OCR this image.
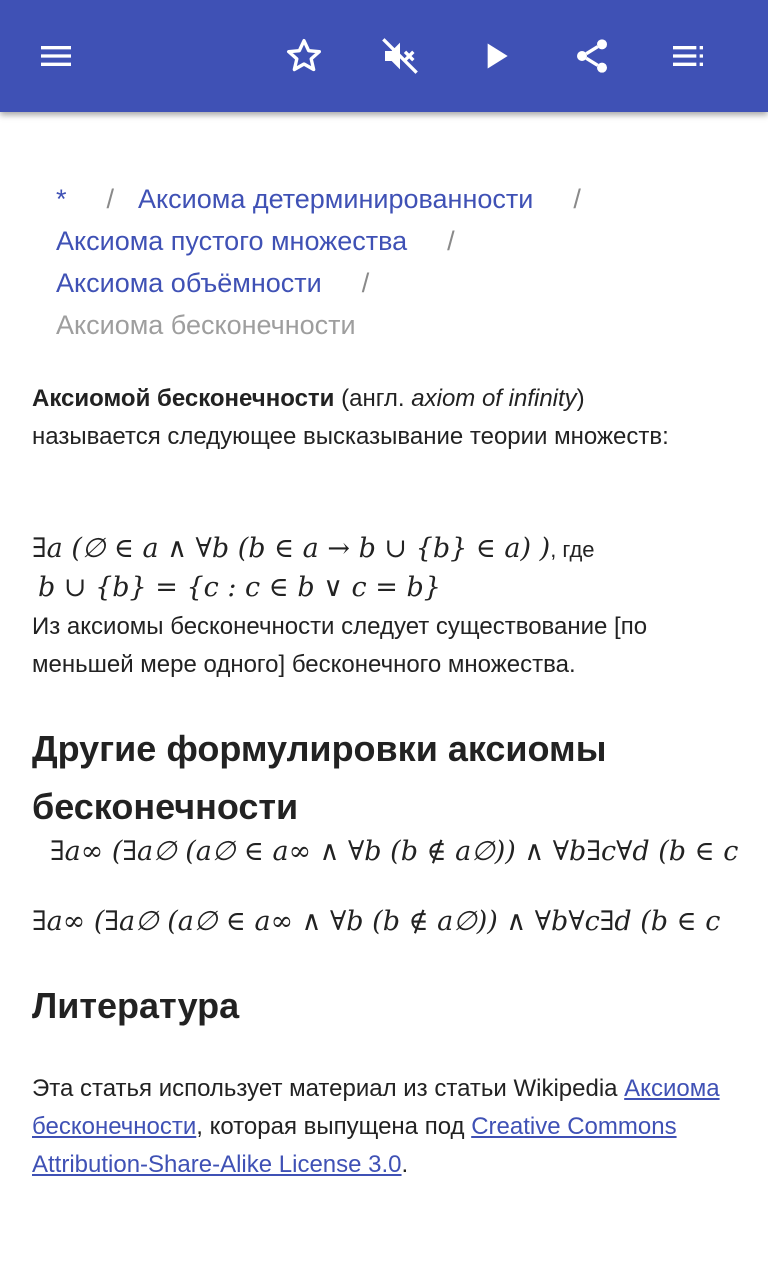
* / Аксиома детерминированности /
Аксиома пустого множества /
Аксиома объёмности /
Аксиома бесконечности

Аксиомой бесконечности (англ. axiom of infinity)

называется следующее высказывание теории множеств:

∃a (∅ ∈ a ∧ ∀b (b ∈ a → b ∪ {b} ∈ a) ), где
b ∪ {b} = {c : c ∈ b ∨ c = b}
Из аксиомы бесконечности следует существование [по меньшей мере одного] бесконечного множества.
Другие формулировки аксиомы бесконечности
∃a∞ (∃a∅ (a∅ ∈ a∞ ∧ ∀b (b ∉ a∅)) ∧ ∀b∃c∀d (b ∈ c
∃a∞ (∃a∅ (a∅ ∈ a∞ ∧ ∀b (b ∉ a∅)) ∧ ∀b∀c∃d (b ∈ c
Литература
Эта статья использует материал из статьи Wikipedia Аксиома бесконечности, которая выпущена под Creative Commons Attribution-Share-Alike License 3.0.
